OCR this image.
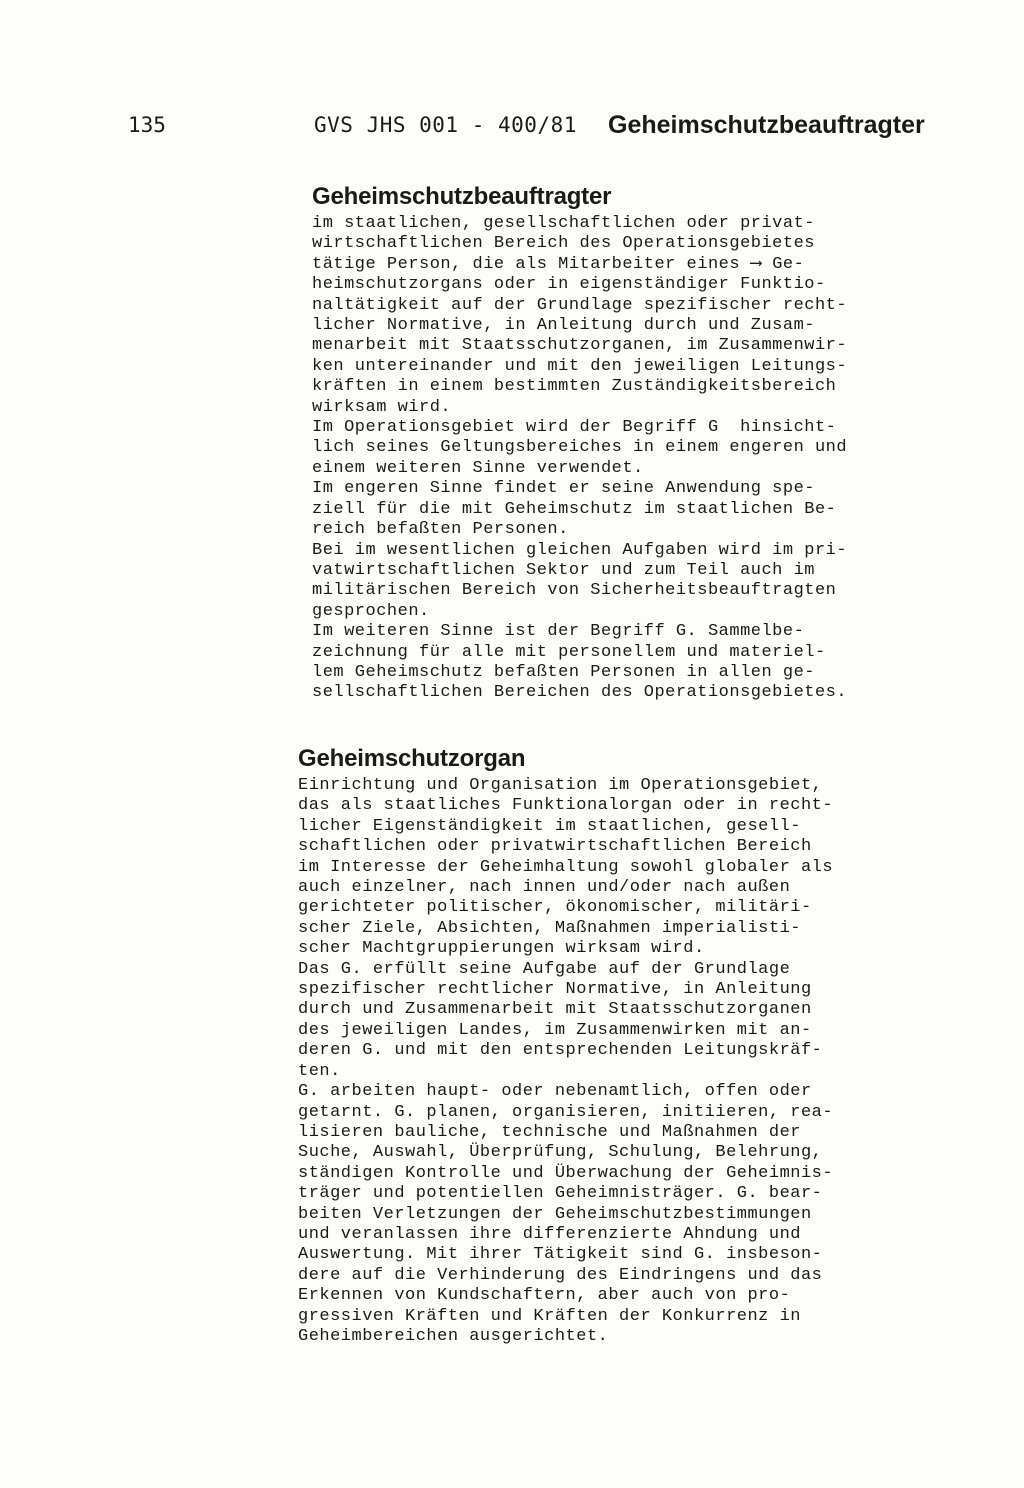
135	GVS JHS 001 - 400/81 Geheimschutzbeauftragter
Geheimschutzbeauftragter
im staatlichen, gesellschaftlichen oder privat-
wirtschaftlichen Bereich des Operationsgebietes
tätige Person, die als Mitarbeiter eines ⟶ Ge-
heimschutzorgans oder in eigenständiger Funktio-
naltätigkeit auf der Grundlage spezifischer recht-
licher Normative, in Anleitung durch und Zusam-
menarbeit mit Staatsschutzorganen, im Zusammenwir-
ken untereinander und mit den jeweiligen Leitungs-
kräften in einem bestimmten Zuständigkeitsbereich
wirksam wird.
Im Operationsgebiet wird der Begriff G  hinsicht-
lich seines Geltungsbereiches in einem engeren und
einem weiteren Sinne verwendet.
Im engeren Sinne findet er seine Anwendung spe-
ziell für die mit Geheimschutz im staatlichen Be-
reich befaßten Personen.
Bei im wesentlichen gleichen Aufgaben wird im pri-
vatwirtschaftlichen Sektor und zum Teil auch im
militärischen Bereich von Sicherheitsbeauftragten
gesprochen.
Im weiteren Sinne ist der Begriff G. Sammelbe-
zeichnung für alle mit personellem und materiel-
lem Geheimschutz befaßten Personen in allen ge-
sellschaftlichen Bereichen des Operationsgebietes.
Geheimschutzorgan
Einrichtung und Organisation im Operationsgebiet,
das als staatliches Funktionalorgan oder in recht-
licher Eigenständigkeit im staatlichen, gesell-
schaftlichen oder privatwirtschaftlichen Bereich
im Interesse der Geheimhaltung sowohl globaler als
auch einzelner, nach innen und/oder nach außen
gerichteter politischer, ökonomischer, militäri-
scher Ziele, Absichten, Maßnahmen imperialisti-
scher Machtgruppierungen wirksam wird.
Das G. erfüllt seine Aufgabe auf der Grundlage
spezifischer rechtlicher Normative, in Anleitung
durch und Zusammenarbeit mit Staatsschutzorganen
des jeweiligen Landes, im Zusammenwirken mit an-
deren G. und mit den entsprechenden Leitungskräf-
ten.
G. arbeiten haupt- oder nebenamtlich, offen oder
getarnt. G. planen, organisieren, initiieren, rea-
lisieren bauliche, technische und Maßnahmen der
Suche, Auswahl, Überprüfung, Schulung, Belehrung,
ständigen Kontrolle und Überwachung der Geheimnis-
träger und potentiellen Geheimnisträger. G. bear-
beiten Verletzungen der Geheimschutzbestimmungen
und veranlassen ihre differenzierte Ahndung und
Auswertung. Mit ihrer Tätigkeit sind G. insbeson-
dere auf die Verhinderung des Eindringens und das
Erkennen von Kundschaftern, aber auch von pro-
gressiven Kräften und Kräften der Konkurrenz in
Geheimbereichen ausgerichtet.
